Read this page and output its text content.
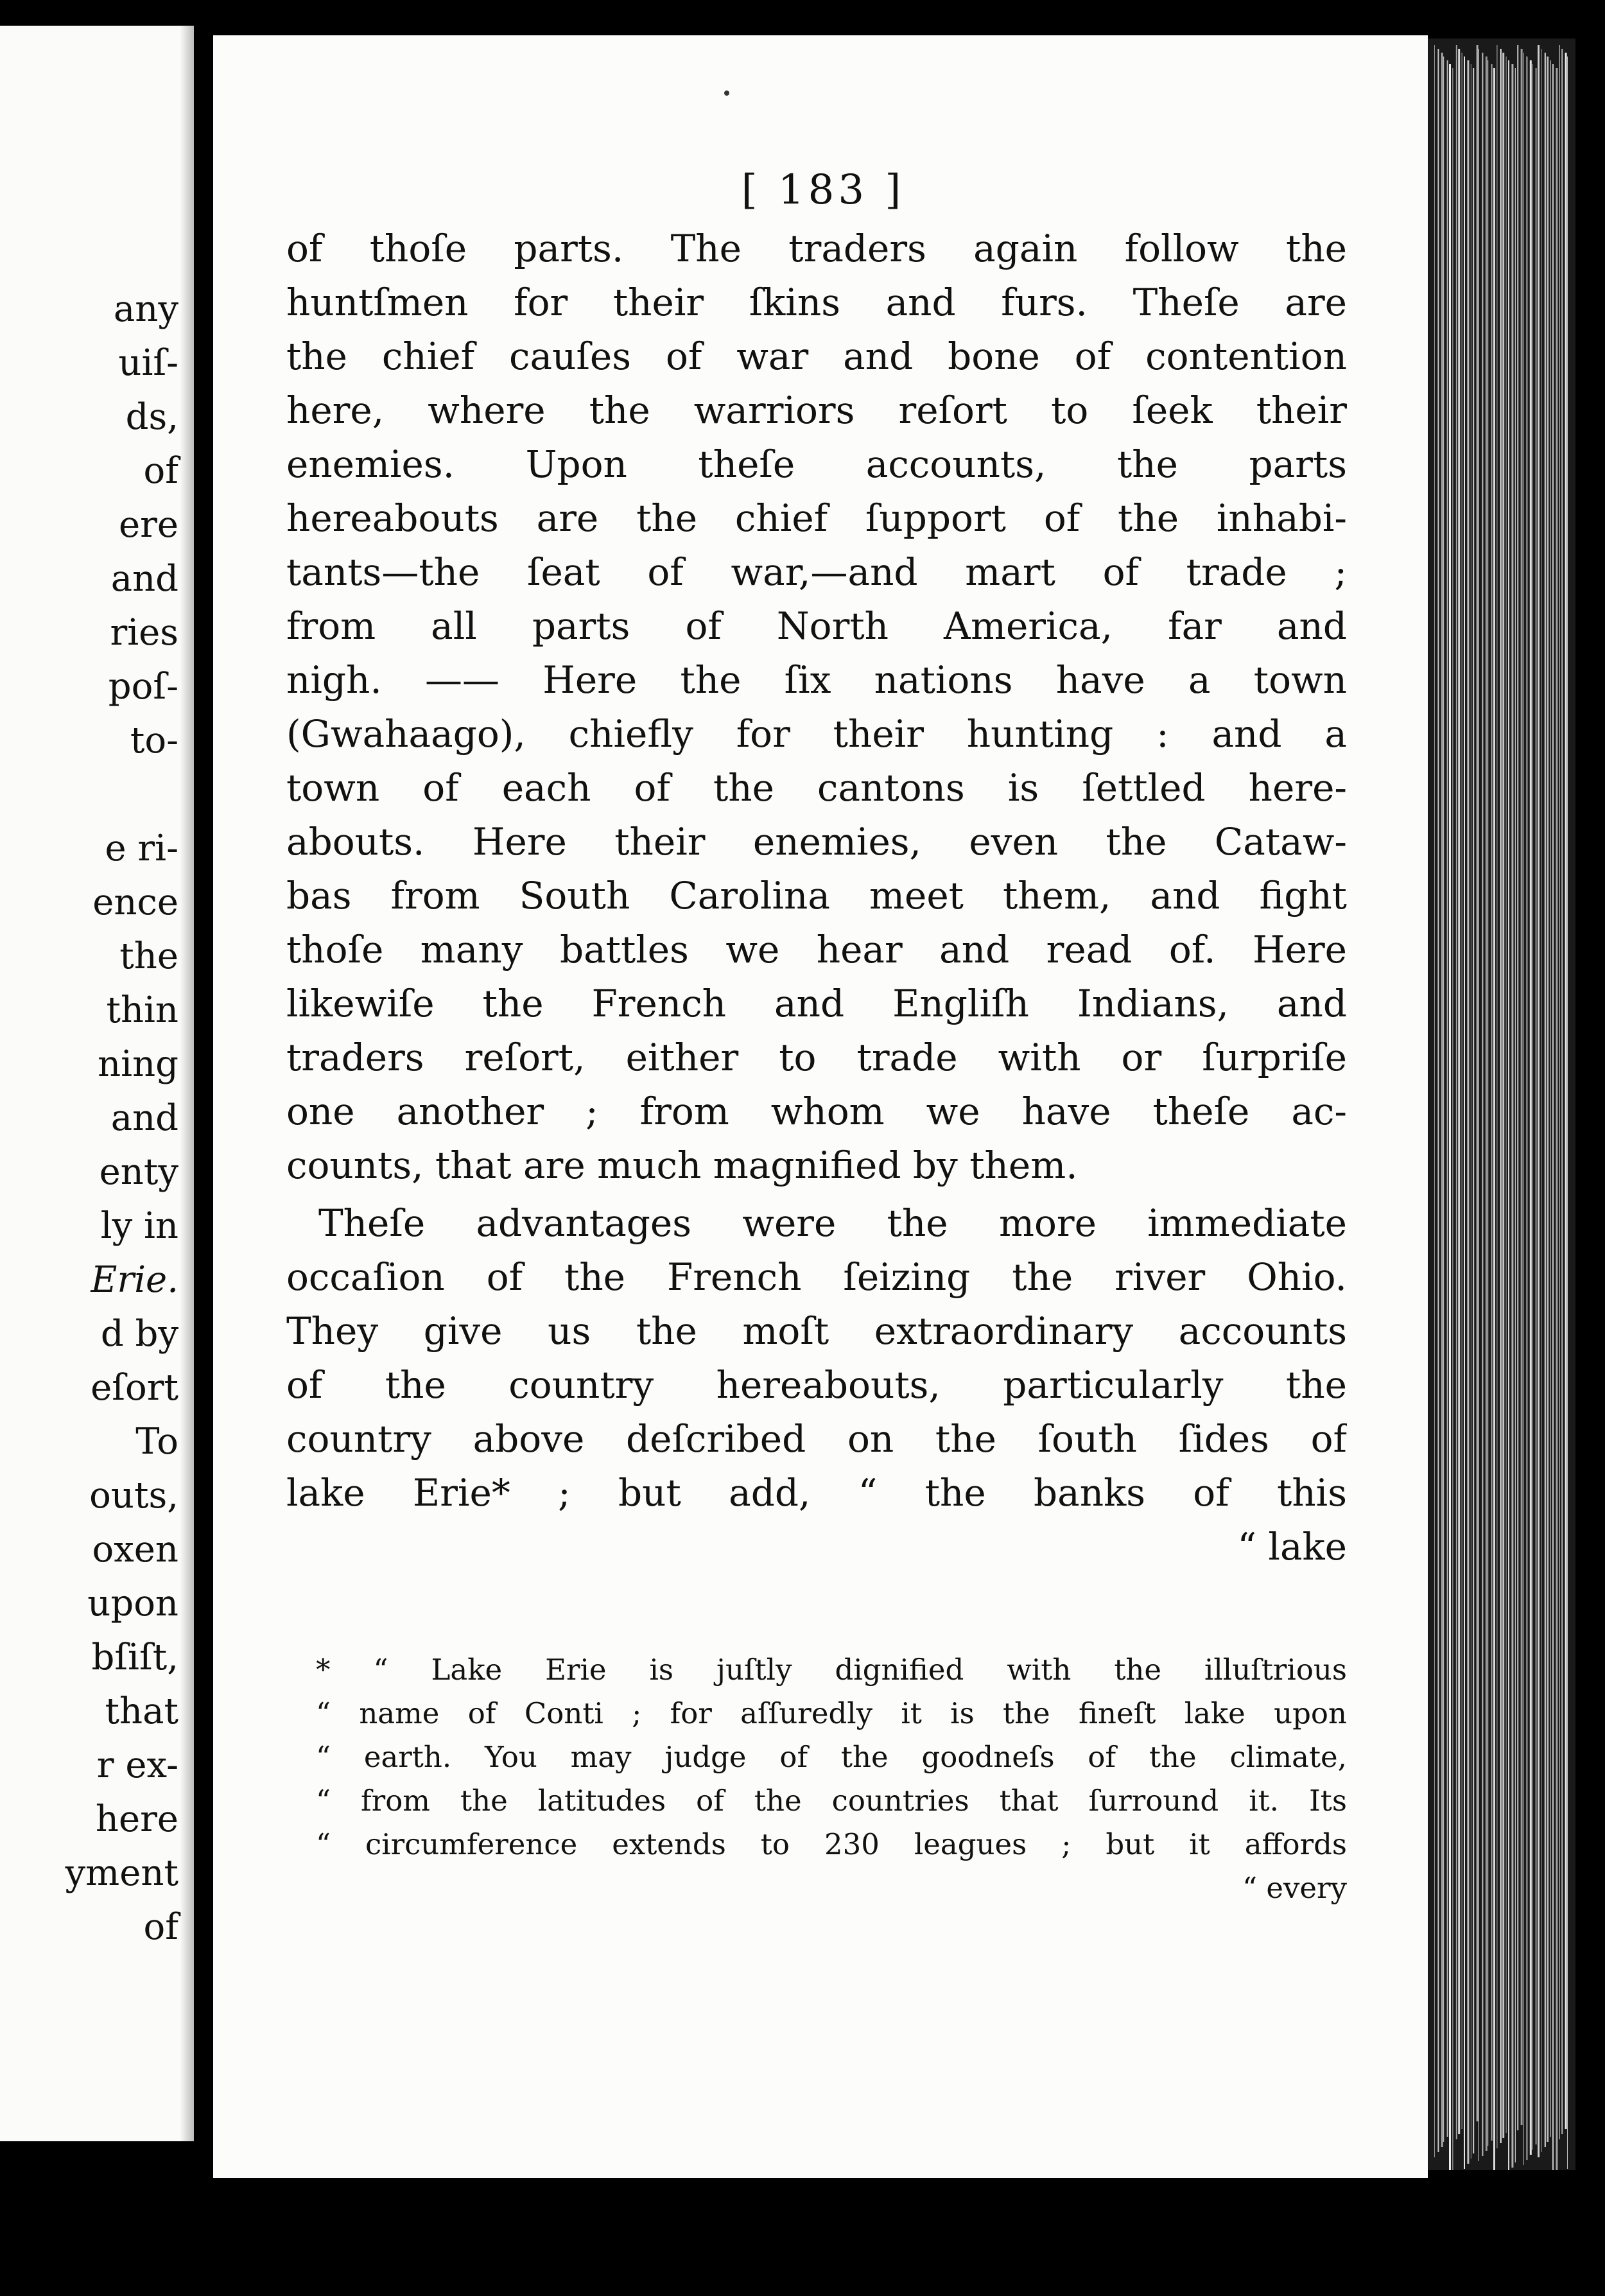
any
uiſ-
ds,
of
ere
and
ries
poſ-
to-
e ri-
ence
the
thin
ning
and
enty
ly in
Erie.
d by
eſort
To
outs,
oxen
upon
bſiſt,
that
r ex-
here
yment
of
[ 183 ]
of thoſe parts. The traders again follow the
huntſmen for their ſkins and furs. Theſe are
the chief cauſes of war and bone of contention
here, where the warriors reſort to ſeek their
enemies. Upon theſe accounts, the parts
hereabouts are the chief ſupport of the inhabi-
tants—the ſeat of war,—and mart of trade ;
from all parts of North America, far and
nigh. —— Here the ſix nations have a town
(Gwahaago), chiefly for their hunting : and a
town of each of the cantons is ſettled here-
abouts. Here their enemies, even the Cataw-
bas from South Carolina meet them, and fight
thoſe many battles we hear and read of. Here
likewiſe the French and Engliſh Indians, and
traders reſort, either to trade with or ſurpriſe
one another ; from whom we have theſe ac-
counts, that are much magnified by them.
Theſe advantages were the more immediate
occaſion of the French ſeizing the river Ohio.
They give us the moſt extraordinary accounts
of the country hereabouts, particularly the
country above deſcribed on the ſouth ſides of
lake Erie* ; but add, “ the banks of this
“ lake
* “ Lake Erie is juſtly dignified with the illuſtrious
“ name of Conti ; for aſſuredly it is the fineſt lake upon
“ earth. You may judge of the goodneſs of the climate,
“ from the latitudes of the countries that ſurround it. Its
“ circumference extends to 230 leagues ; but it affords
“ every
